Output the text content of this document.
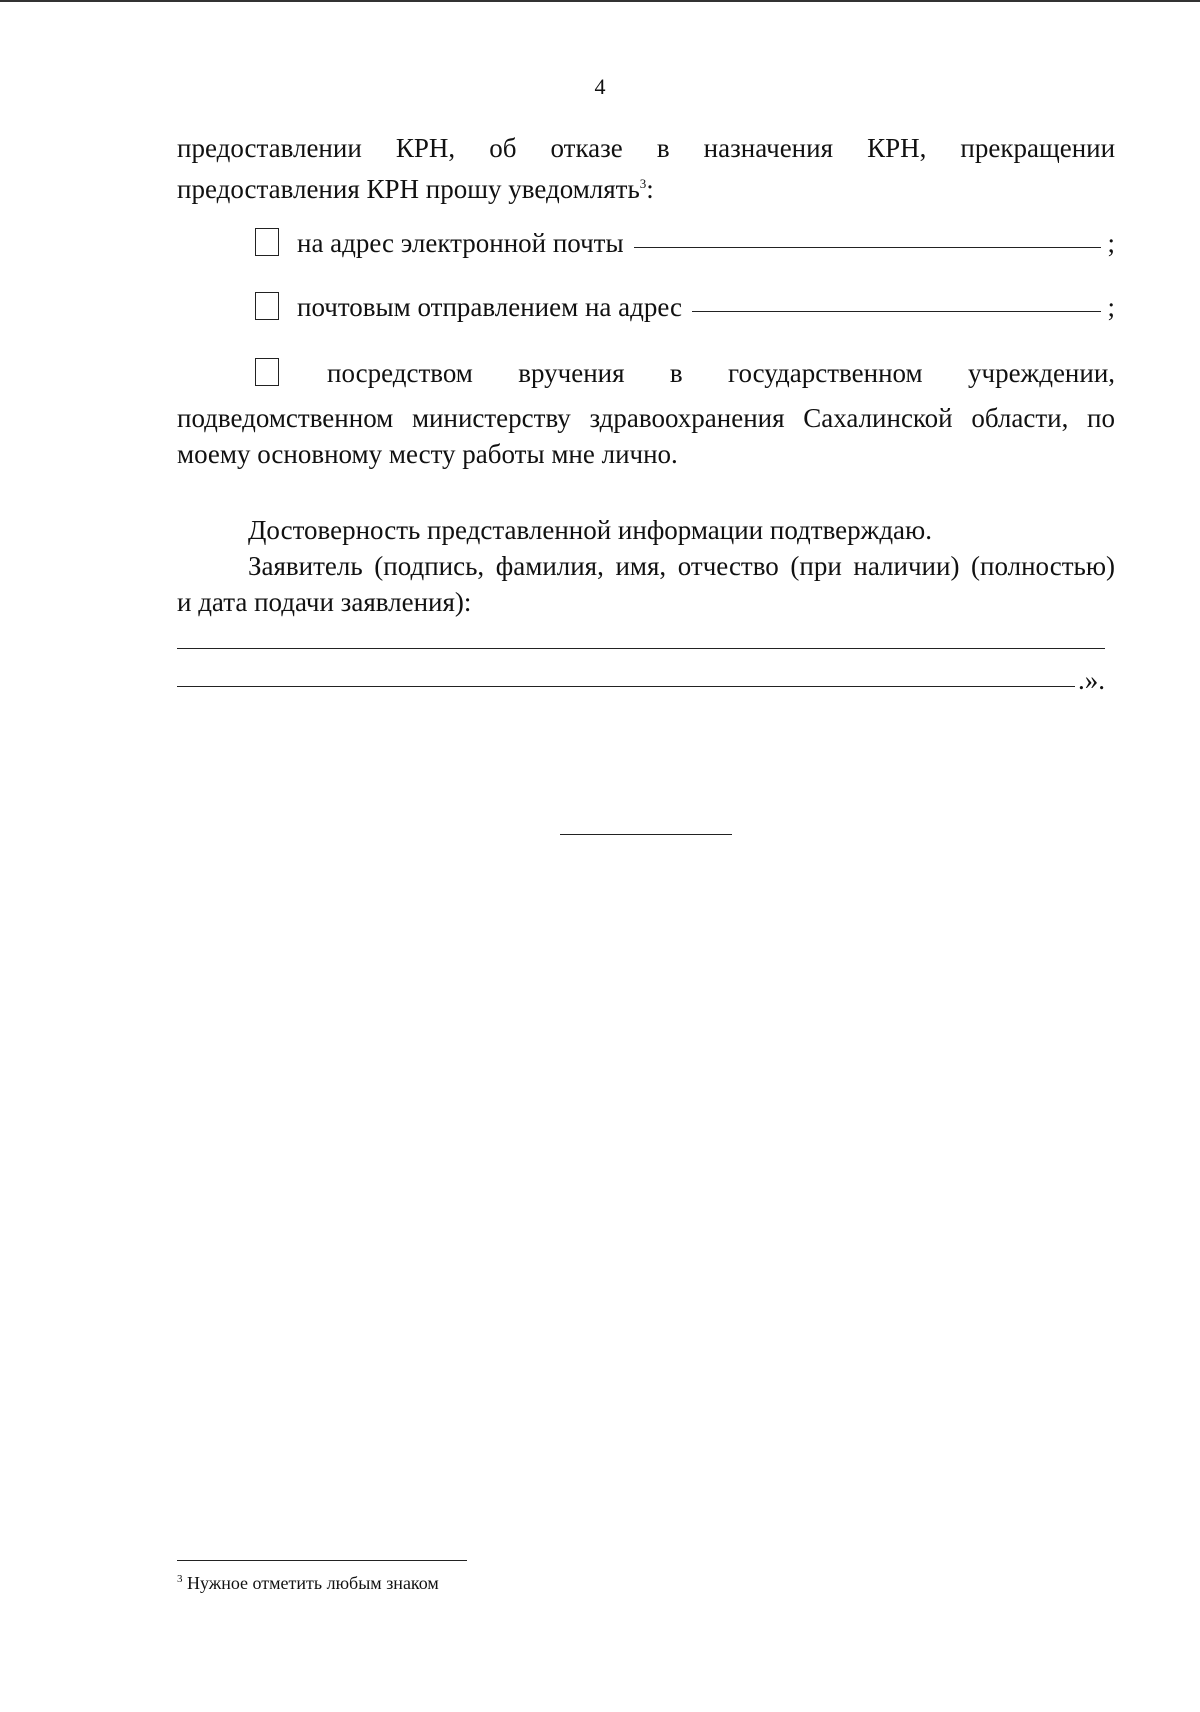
4
предоставлении КРН, об отказе в назначения КРН, прекращении
предоставления КРН прошу уведомлять$^3$:
на адрес электронной почты	;
почтовым отправлением на адрес	;
посредством вручения в государственном учреждении,
подведомственном министерству здравоохранения Сахалинской области, по
моему основному месту работы мне лично.
Достоверность представленной информации подтверждаю.
Заявитель (подпись, фамилия, имя, отчество (при наличии) (полностью)
и дата подачи заявления):
.».
$^3$ Нужное отметить любым знаком
